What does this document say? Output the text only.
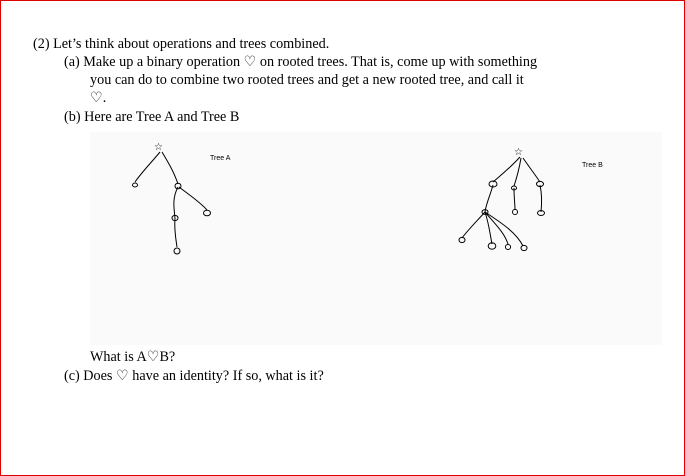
(2) Let’s think about operations and trees combined.
(a) Make up a binary operation ♡ on rooted trees. That is, come up with something
you can do to combine two rooted trees and get a new rooted tree, and call it
♡.
(b) Here are Tree A and Tree B
Tree A
Tree B
☆	☆
What is A♡B?
(c) Does ♡ have an identity? If so, what is it?
